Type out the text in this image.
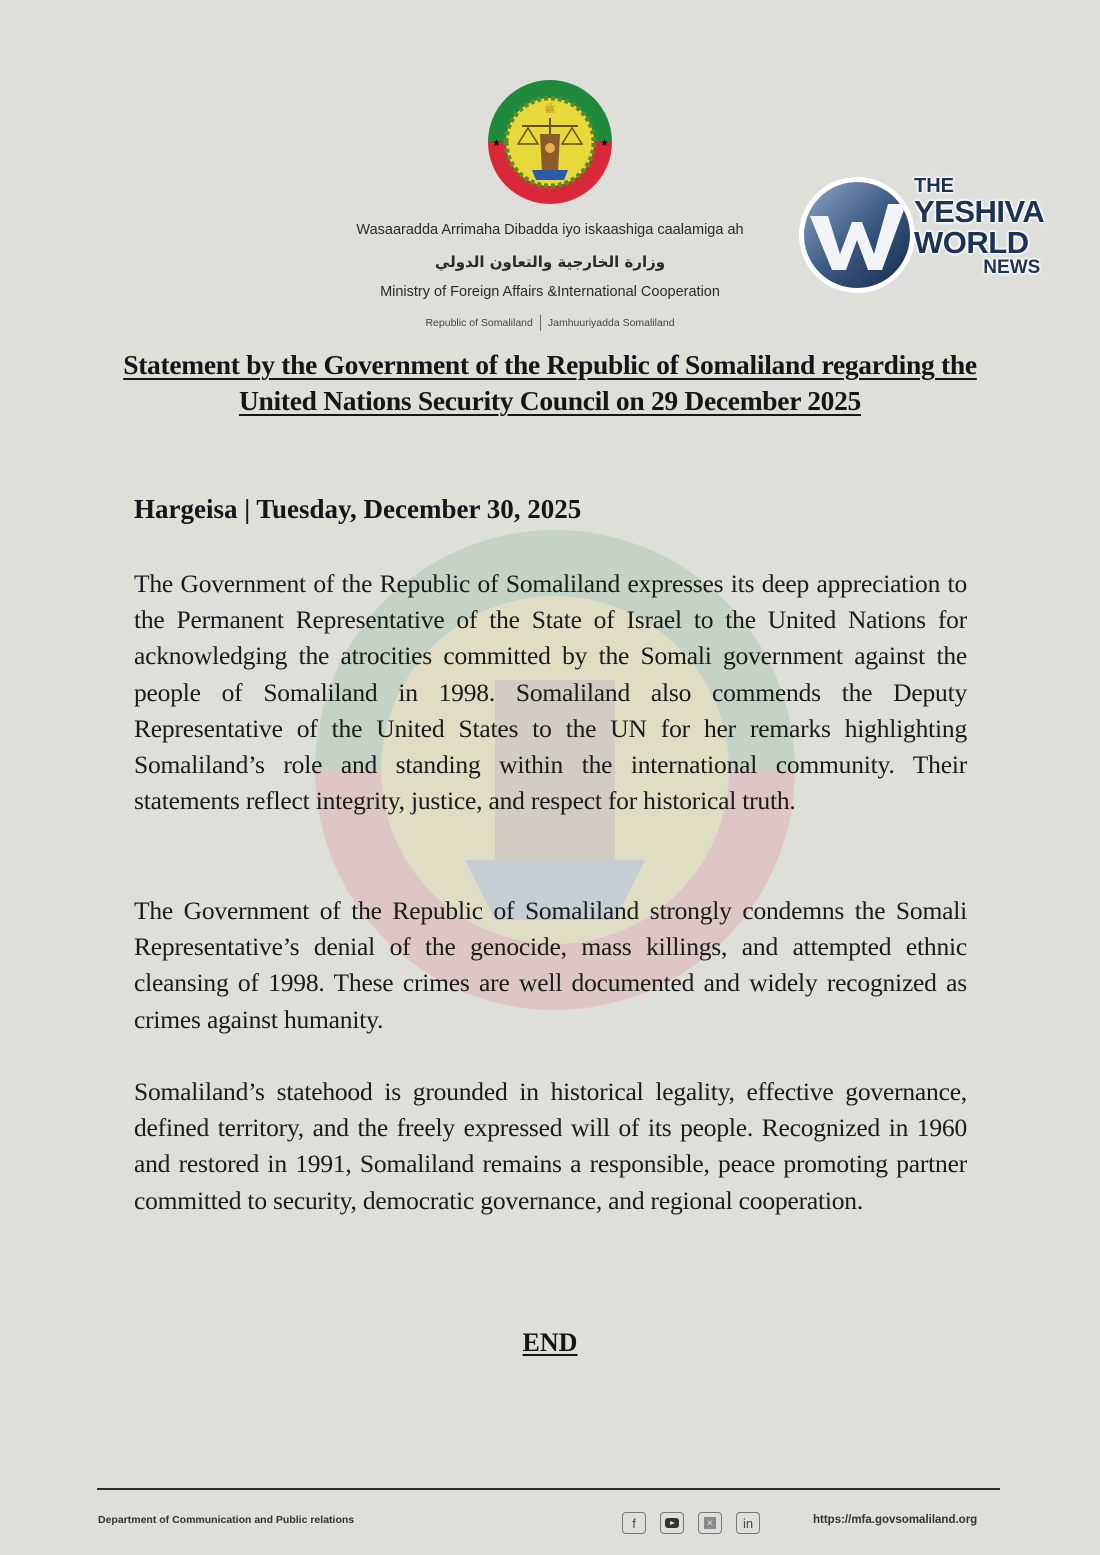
ﷺ
★	★
Wasaaradda Arrimaha Dibadda iyo iskaashiga caalamiga ah
وزارة الخارجية والتعاون الدولي
Ministry of Foreign Affairs &International Cooperation
Republic of Somaliland Jamhuuriyadda Somaliland
THE
YESHIVA
WORLD
NEWS
Statement by the Government of the Republic of Somaliland regarding the United Nations Security Council on 29 December 2025
Hargeisa | Tuesday, December 30, 2025
The Government of the Republic of Somaliland expresses its deep appreciation to the Permanent Representative of the State of Israel to the United Nations for acknowledging the atrocities committed by the Somali government against the people of Somaliland in 1998. Somaliland also commends the Deputy Representative of the United States to the UN for her remarks highlighting Somaliland’s role and standing within the international community. Their statements reflect integrity, justice, and respect for historical truth.
The Government of the Republic of Somaliland strongly condemns the Somali Representative’s denial of the genocide, mass killings, and attempted ethnic cleansing of 1998. These crimes are well documented and widely recognized as crimes against humanity.
Somaliland’s statehood is grounded in historical legality, effective governance, defined territory, and the freely expressed will of its people. Recognized in 1960 and restored in 1991, Somaliland remains a responsible, peace promoting partner committed to security, democratic governance, and regional cooperation.
END
Department of Communication and Public relations	f	✕ in	https://mfa.govsomaliland.org
